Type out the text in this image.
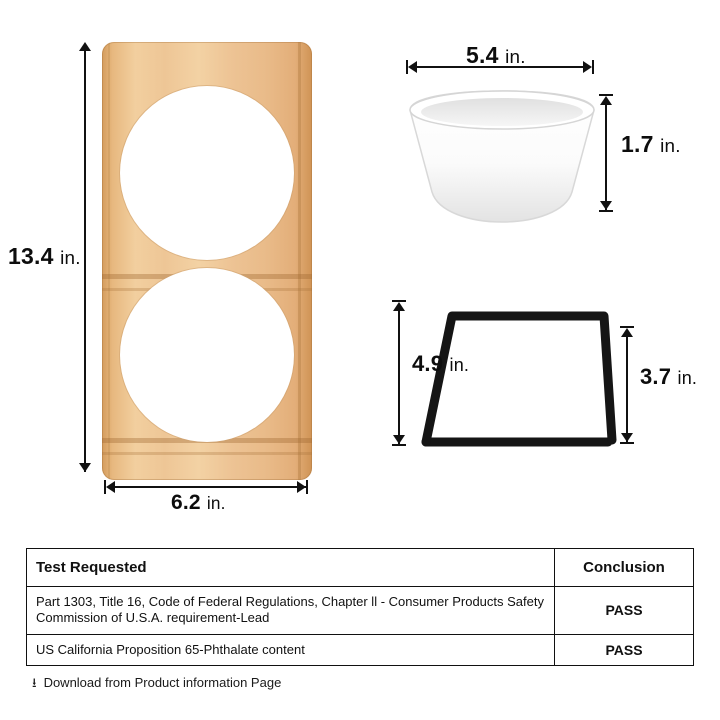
13.4 in.
6.2 in.
5.4 in.
1.7 in.
4.9 in.	3.7 in.
Test Requested	Conclusion
Part 1303, Title 16, Code of Federal Regulations, Chapter ll - Consumer Products Safety Commission of U.S.A. requirement-Lead	PASS
US California Proposition 65-Phthalate content	PASS
⭳ Download from Product information Page
